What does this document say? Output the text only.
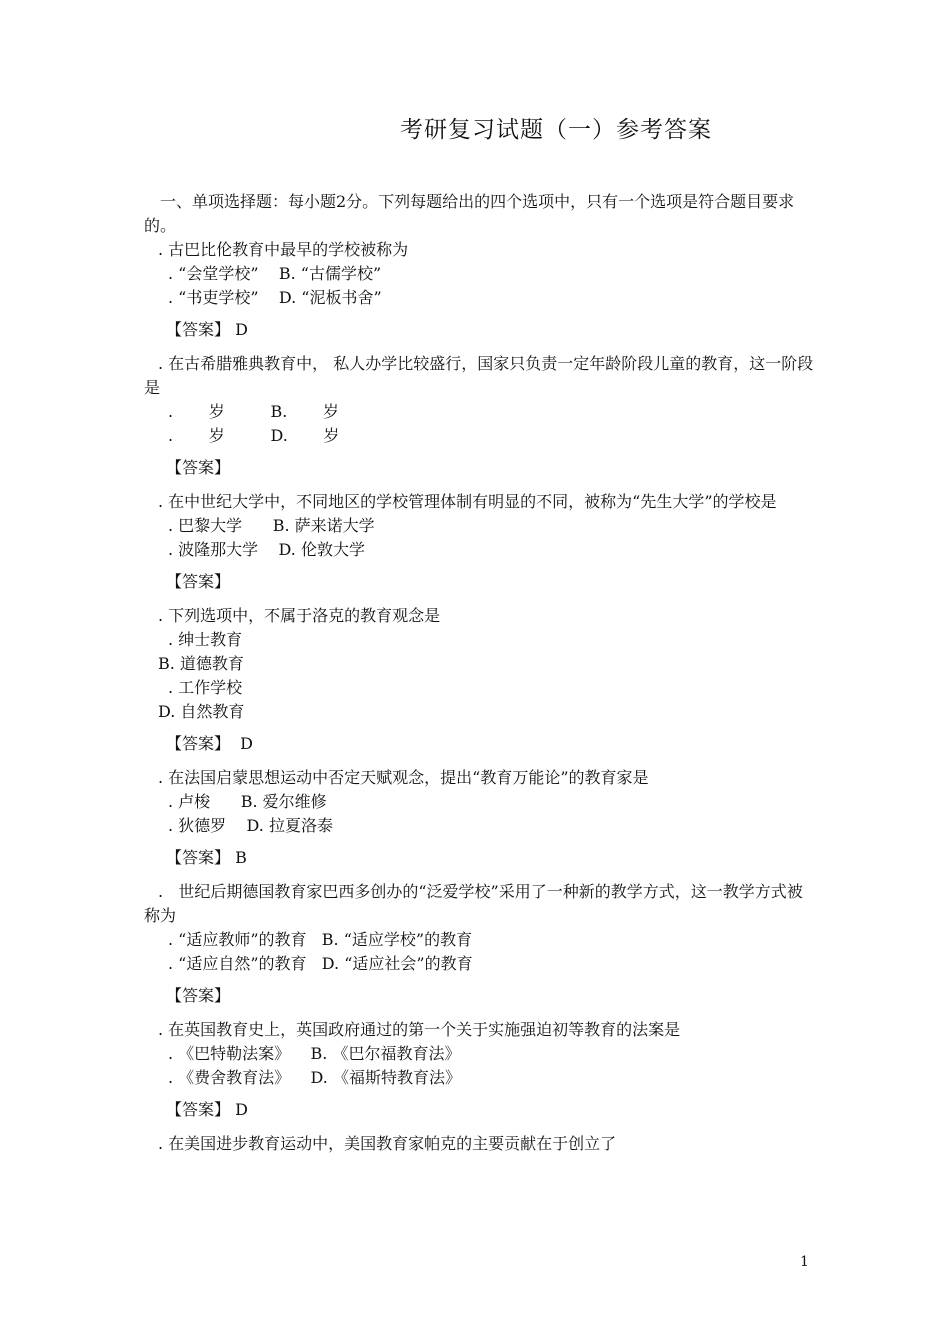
考研复习试题（一）参考答案

一、单项选择题：每小题2分。下列每题给出的四个选项中，只有一个选项是符合题目要求的。

. 古巴比伦教育中最早的学校被称为

. “会堂学校”    B. “古儒学校”

. “书吏学校”    D. “泥板书舍”

【答案】 D

. 在古希腊雅典教育中， 私人办学比较盛行，国家只负责一定年龄阶段儿童的教育，这一阶段是

.       岁         B.       岁

.       岁         D.       岁

【答案】

. 在中世纪大学中，不同地区的学校管理体制有明显的不同，被称为“先生大学”的学校是

. 巴黎大学      B. 萨来诺大学

. 波隆那大学    D. 伦敦大学

【答案】

. 下列选项中，不属于洛克的教育观念是

. 绅士教育

B. 道德教育

. 工作学校

D. 自然教育

【答案】  D

. 在法国启蒙思想运动中否定天赋观念，提出“教育万能论”的教育家是

. 卢梭      B. 爱尔维修

. 狄德罗    D. 拉夏洛泰

【答案】 B

.   世纪后期德国教育家巴西多创办的“泛爱学校”采用了一种新的教学方式，这一教学方式被称为

. “适应教师”的教育   B. “适应学校”的教育

. “适应自然”的教育   D. “适应社会”的教育

【答案】

. 在英国教育史上，英国政府通过的第一个关于实施强迫初等教育的法案是

. 《巴特勒法案》    B. 《巴尔福教育法》

. 《费舍教育法》    D. 《福斯特教育法》

【答案】 D

. 在美国进步教育运动中，美国教育家帕克的主要贡献在于创立了

1
